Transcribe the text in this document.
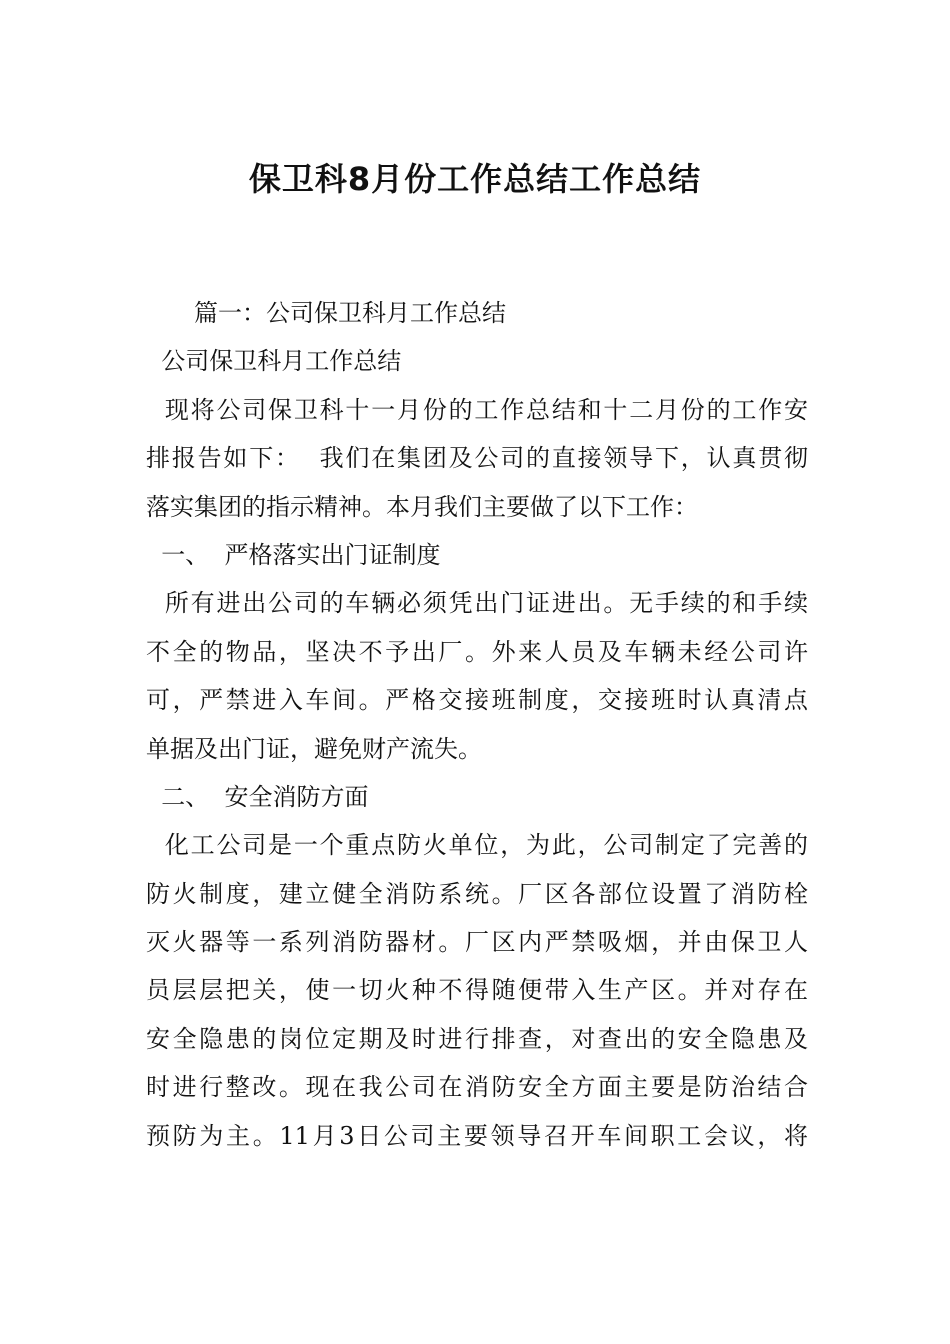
保卫科8月份工作总结工作总结
　　篇一：公司保卫科月工作总结
公司保卫科月工作总结
现将公司保卫科十一月份的工作总结和十二月份的工作安
排报告如下：  我们在集团及公司的直接领导下，认真贯彻
落实集团的指示精神。本月我们主要做了以下工作：
一、  严格落实出门证制度
所有进出公司的车辆必须凭出门证进出。无手续的和手续
不全的物品，坚决不予出厂。外来人员及车辆未经公司许
可，严禁进入车间。严格交接班制度，交接班时认真清点
单据及出门证，避免财产流失。
二、  安全消防方面
化工公司是一个重点防火单位，为此，公司制定了完善的
防火制度，建立健全消防系统。厂区各部位设置了消防栓
灭火器等一系列消防器材。厂区内严禁吸烟，并由保卫人
员层层把关，使一切火种不得随便带入生产区。并对存在
安全隐患的岗位定期及时进行排查，对查出的安全隐患及
时进行整改。现在我公司在消防安全方面主要是防治结合
预防为主。11月3日公司主要领导召开车间职工会议，将
